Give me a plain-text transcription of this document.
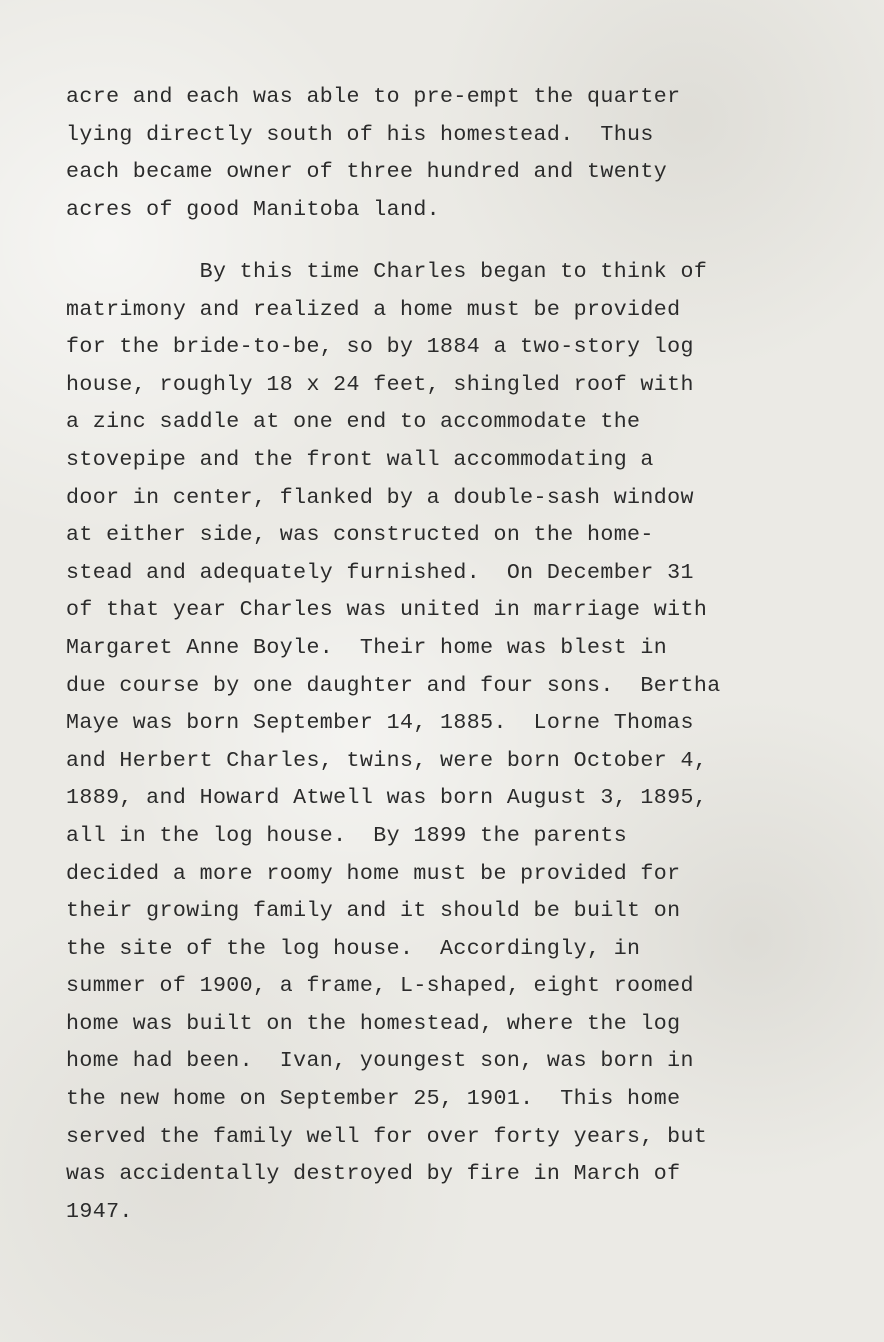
acre and each was able to pre-empt the quarter
lying directly south of his homestead.  Thus
each became owner of three hundred and twenty
acres of good Manitoba land.

By this time Charles began to think of
matrimony and realized a home must be provided
for the bride-to-be, so by 1884 a two-story log
house, roughly 18 x 24 feet, shingled roof with
a zinc saddle at one end to accommodate the
stovepipe and the front wall accommodating a
door in center, flanked by a double-sash window
at either side, was constructed on the home-
stead and adequately furnished.  On December 31
of that year Charles was united in marriage with
Margaret Anne Boyle.  Their home was blest in
due course by one daughter and four sons.  Bertha
Maye was born September 14, 1885.  Lorne Thomas
and Herbert Charles, twins, were born October 4,
1889, and Howard Atwell was born August 3, 1895,
all in the log house.  By 1899 the parents
decided a more roomy home must be provided for
their growing family and it should be built on
the site of the log house.  Accordingly, in
summer of 1900, a frame, L-shaped, eight roomed
home was built on the homestead, where the log
home had been.  Ivan, youngest son, was born in
the new home on September 25, 1901.  This home
served the family well for over forty years, but
was accidentally destroyed by fire in March of
1947.
